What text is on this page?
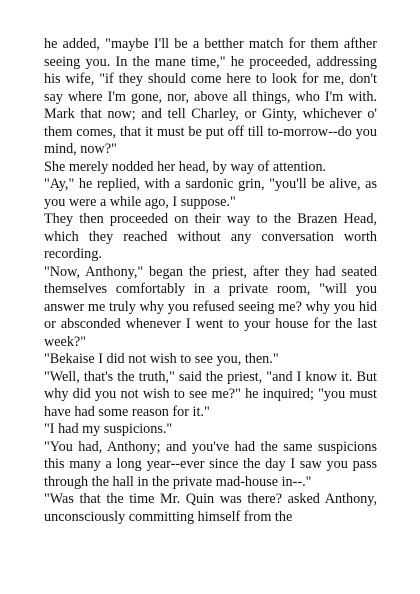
he added, "maybe I'll be a betther match for them afther seeing you. In the mane time," he proceeded, addressing his wife, "if they should come here to look for me, don't say where I'm gone, nor, above all things, who I'm with. Mark that now; and tell Charley, or Ginty, whichever o' them comes, that it must be put off till to-morrow--do you mind, now?"

She merely nodded her head, by way of attention.

"Ay," he replied, with a sardonic grin, "you'll be alive, as you were a while ago, I suppose."

They then proceeded on their way to the Brazen Head, which they reached without any conversation worth recording.

"Now, Anthony," began the priest, after they had seated themselves comfortably in a private room, "will you answer me truly why you refused seeing me? why you hid or absconded whenever I went to your house for the last week?"

"Bekaise I did not wish to see you, then."

"Well, that's the truth," said the priest, "and I know it. But why did you not wish to see me?" he inquired; "you must have had some reason for it."

"I had my suspicions."

"You had, Anthony; and you've had the same suspicions this many a long year--ever since the day I saw you pass through the hall in the private mad-house in--."

"Was that the time Mr. Quin was there? asked Anthony, unconsciously committing himself from the
